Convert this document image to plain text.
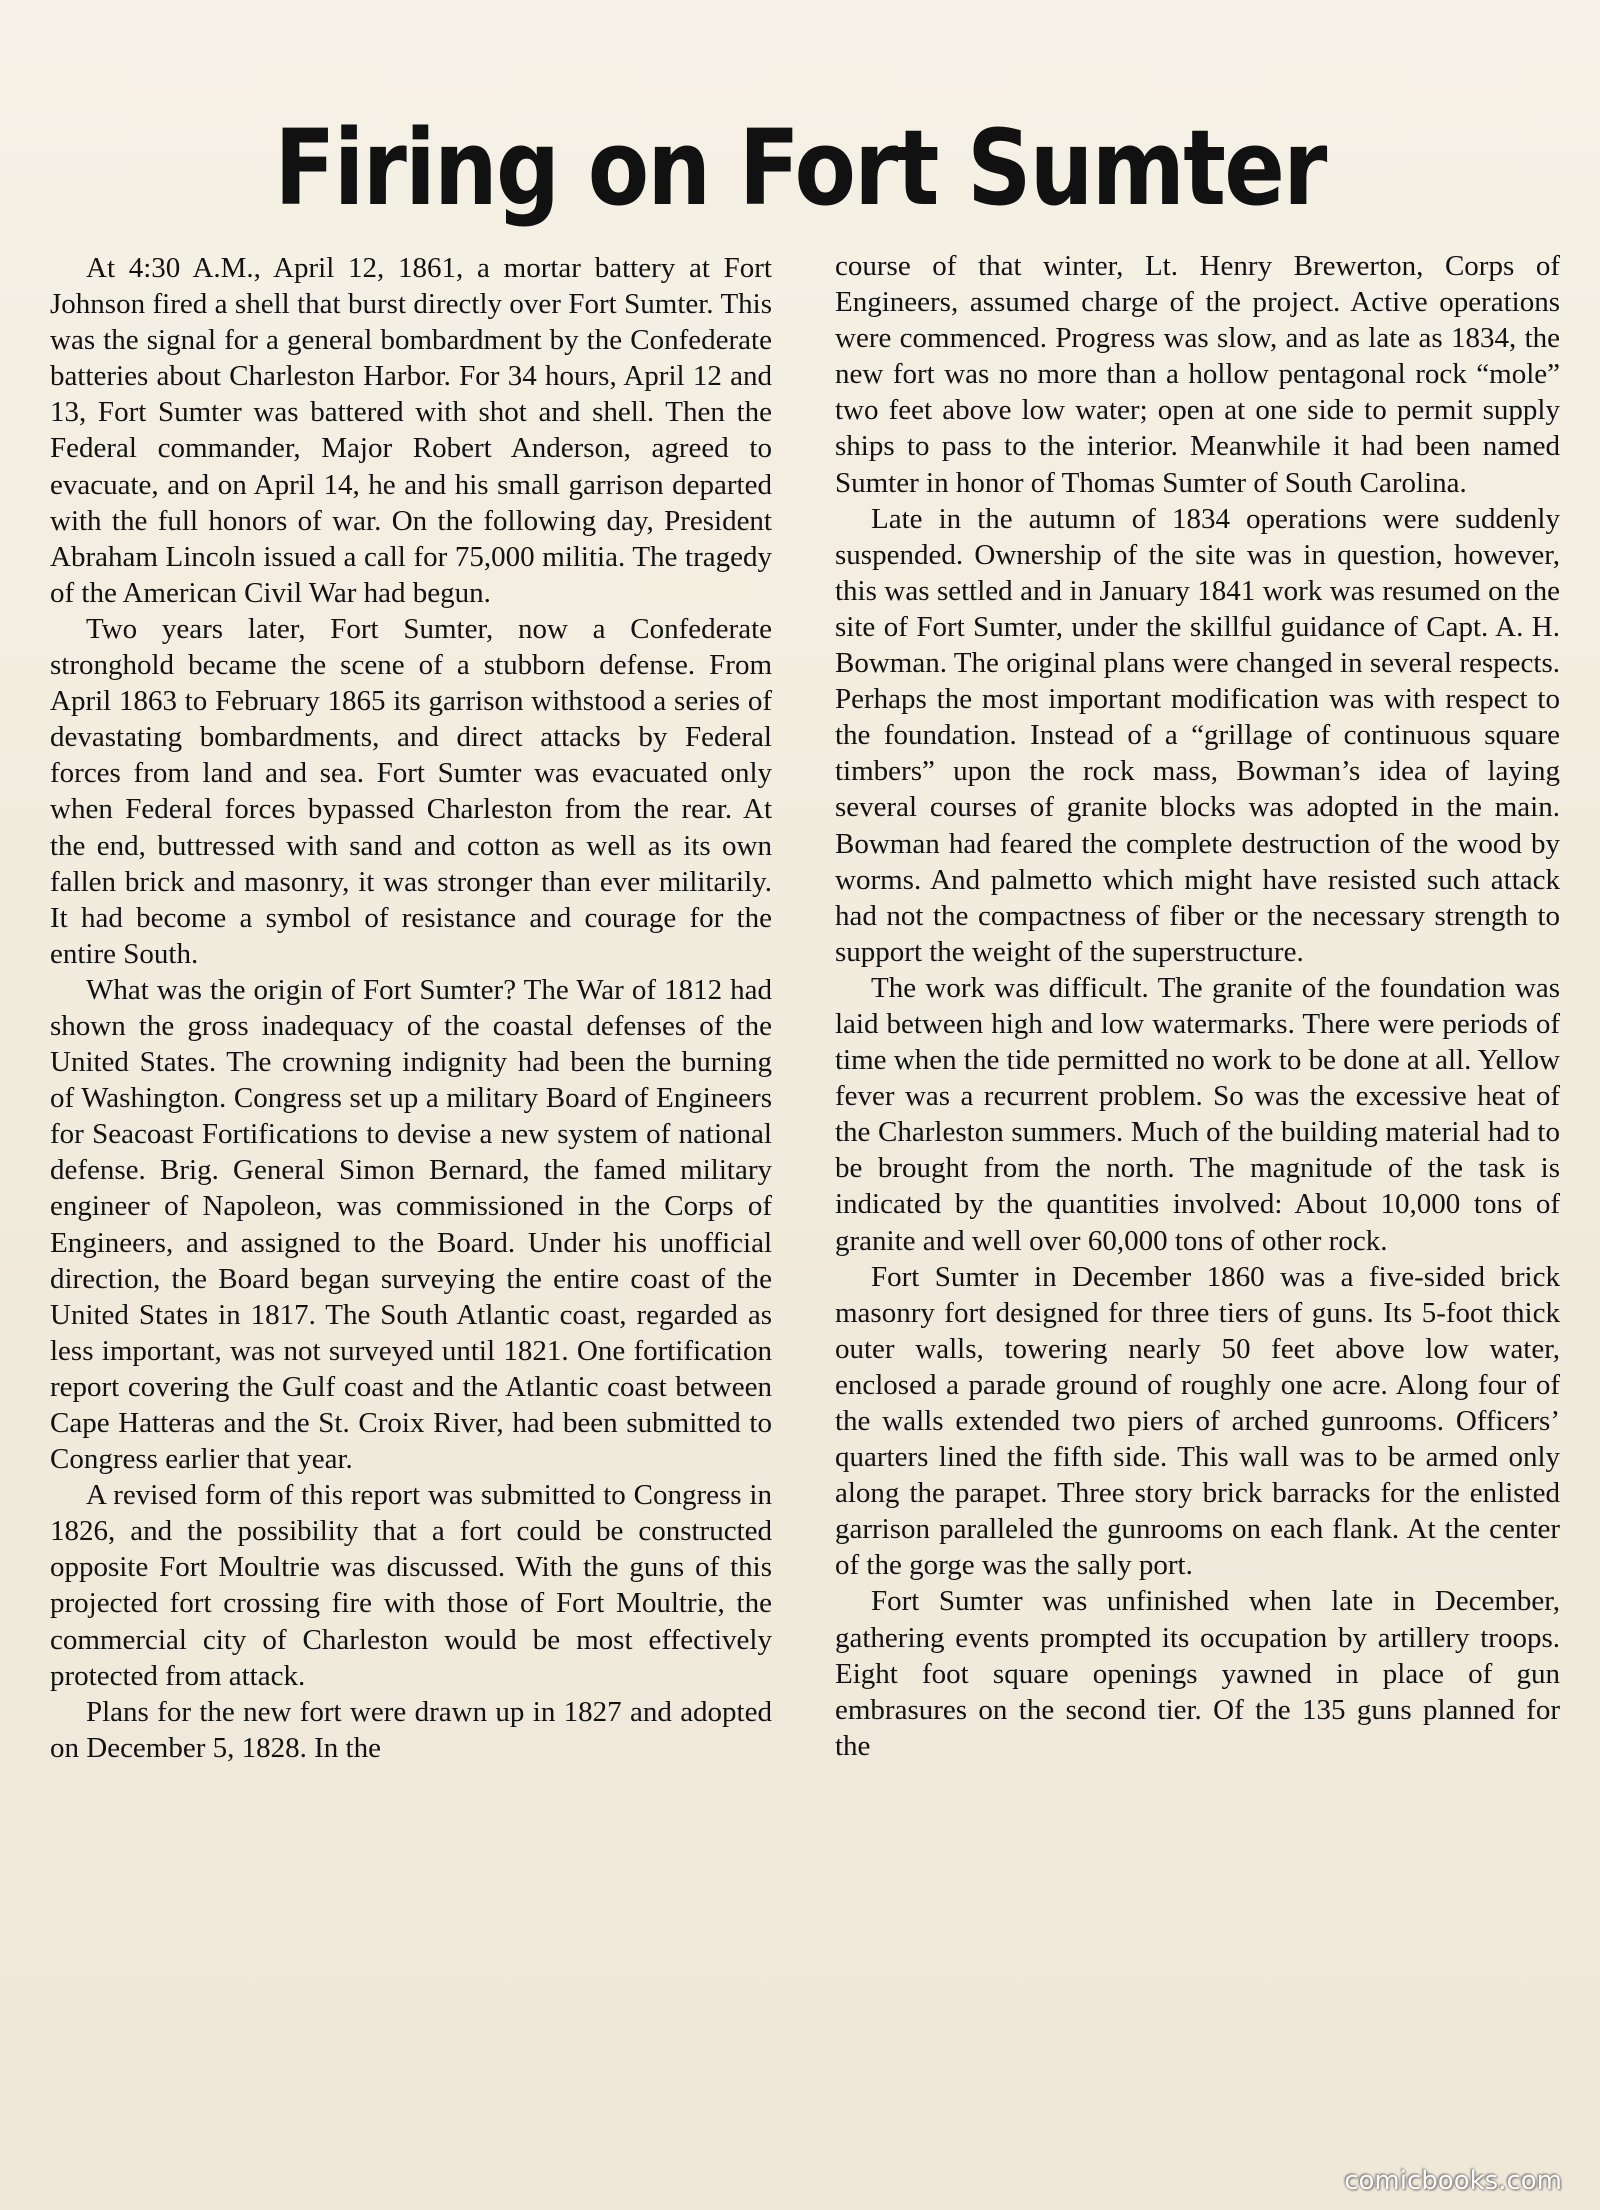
Firing on Fort Sumter

At 4:30 A.M., April 12, 1861, a mortar battery at Fort Johnson fired a shell that burst directly over Fort Sumter. This was the signal for a general bombardment by the Confederate batteries about Charleston Harbor. For 34 hours, April 12 and 13, Fort Sumter was battered with shot and shell. Then the Federal commander, Major Robert Anderson, agreed to evacuate, and on April 14, he and his small garrison departed with the full honors of war. On the following day, President Abraham Lincoln issued a call for 75,000 militia. The tragedy of the American Civil War had begun.

Two years later, Fort Sumter, now a Confederate stronghold became the scene of a stubborn defense. From April 1863 to February 1865 its garrison withstood a series of devastating bombardments, and direct attacks by Federal forces from land and sea. Fort Sumter was evacuated only when Federal forces bypassed Charleston from the rear. At the end, buttressed with sand and cotton as well as its own fallen brick and masonry, it was stronger than ever militarily. It had become a symbol of resistance and courage for the entire South.

What was the origin of Fort Sumter? The War of 1812 had shown the gross inadequacy of the coastal defenses of the United States. The crowning indignity had been the burning of Washington. Congress set up a military Board of Engineers for Seacoast Fortifications to devise a new system of national defense. Brig. General Simon Bernard, the famed military engineer of Napoleon, was commissioned in the Corps of Engineers, and assigned to the Board. Under his unofficial direction, the Board began surveying the entire coast of the United States in 1817. The South Atlantic coast, regarded as less important, was not surveyed until 1821. One fortification report covering the Gulf coast and the Atlantic coast between Cape Hatteras and the St. Croix River, had been submitted to Congress earlier that year.

A revised form of this report was submitted to Congress in 1826, and the possibility that a fort could be constructed opposite Fort Moultrie was discussed. With the guns of this projected fort crossing fire with those of Fort Moultrie, the commercial city of Charleston would be most effectively protected from attack.

Plans for the new fort were drawn up in 1827 and adopted on December 5, 1828. In the

course of that winter, Lt. Henry Brewerton, Corps of Engineers, assumed charge of the project. Active operations were commenced. Progress was slow, and as late as 1834, the new fort was no more than a hollow pentagonal rock “mole” two feet above low water; open at one side to permit supply ships to pass to the interior. Meanwhile it had been named Sumter in honor of Thomas Sumter of South Carolina.

Late in the autumn of 1834 operations were suddenly suspended. Ownership of the site was in question, however, this was settled and in January 1841 work was resumed on the site of Fort Sumter, under the skillful guidance of Capt. A. H. Bowman. The original plans were changed in several respects. Perhaps the most important modification was with respect to the foundation. Instead of a “grillage of continuous square timbers” upon the rock mass, Bowman’s idea of laying several courses of granite blocks was adopted in the main. Bowman had feared the complete destruction of the wood by worms. And palmetto which might have resisted such attack had not the compactness of fiber or the necessary strength to support the weight of the superstructure.

The work was difficult. The granite of the foundation was laid between high and low watermarks. There were periods of time when the tide permitted no work to be done at all. Yellow fever was a recurrent problem. So was the excessive heat of the Charleston summers. Much of the building material had to be brought from the north. The magnitude of the task is indicated by the quantities involved: About 10,000 tons of granite and well over 60,000 tons of other rock.

Fort Sumter in December 1860 was a five-sided brick masonry fort designed for three tiers of guns. Its 5-foot thick outer walls, towering nearly 50 feet above low water, enclosed a parade ground of roughly one acre. Along four of the walls extended two piers of arched gunrooms. Officers’ quarters lined the fifth side. This wall was to be armed only along the parapet. Three story brick barracks for the enlisted garrison paralleled the gunrooms on each flank. At the center of the gorge was the sally port.

Fort Sumter was unfinished when late in December, gathering events prompted its occupation by artillery troops. Eight foot square openings yawned in place of gun embrasures on the second tier. Of the 135 guns planned for the

comicbooks.com
